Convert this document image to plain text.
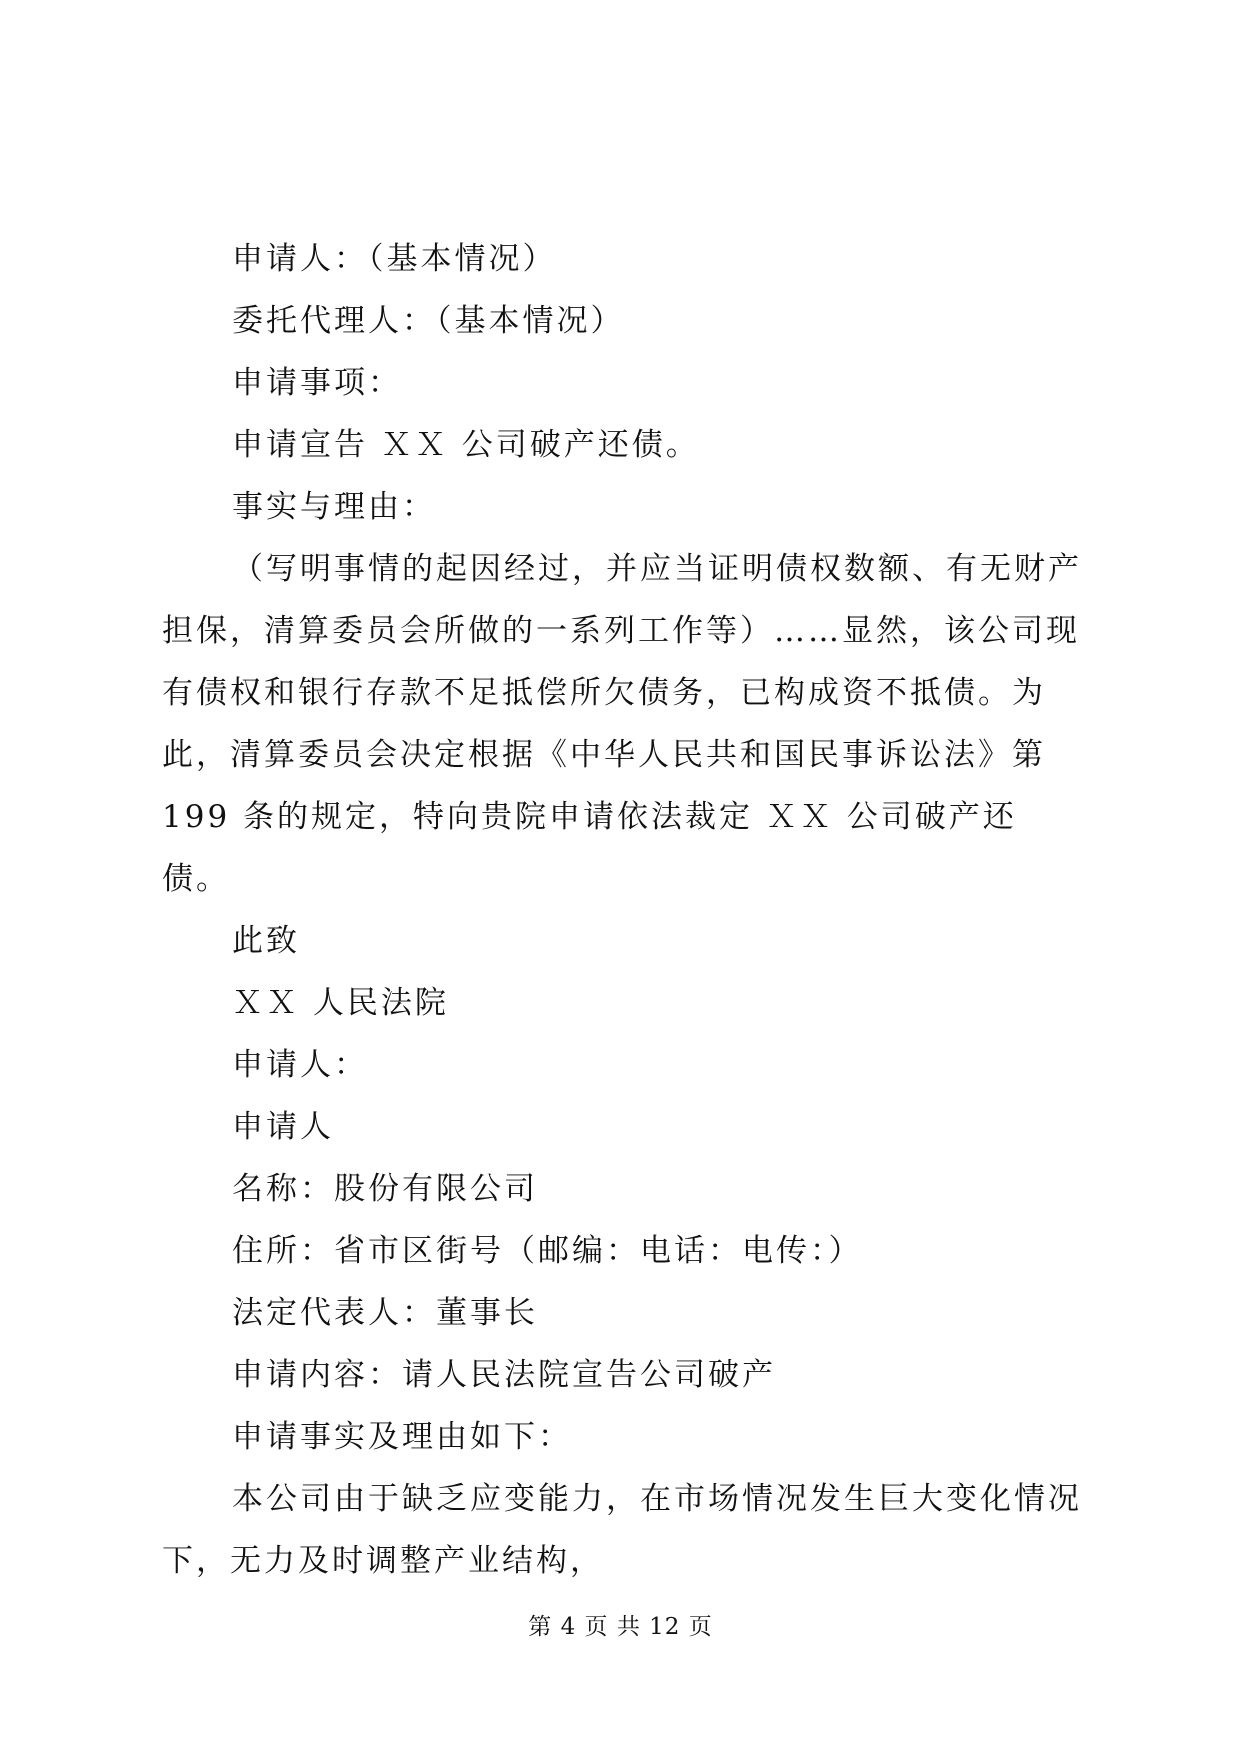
申请人：（基本情况）

委托代理人：（基本情况）

申请事项：

申请宣告 ＸＸ 公司破产还债。

事实与理由：

（写明事情的起因经过，并应当证明债权数额、有无财产担保，清算委员会所做的一系列工作等）……显然，该公司现有债权和银行存款不足抵偿所欠债务，已构成资不抵债。为此，清算委员会决定根据《中华人民共和国民事诉讼法》第 199 条的规定，特向贵院申请依法裁定 ＸＸ 公司破产还债。

此致

ＸＸ 人民法院

申请人：

申请人

名称：股份有限公司

住所：省市区街号（邮编：电话：电传：）

法定代表人：董事长

申请内容：请人民法院宣告公司破产

申请事实及理由如下：

本公司由于缺乏应变能力，在市场情况发生巨大变化情况下，无力及时调整产业结构，

第 4 页 共 12 页
